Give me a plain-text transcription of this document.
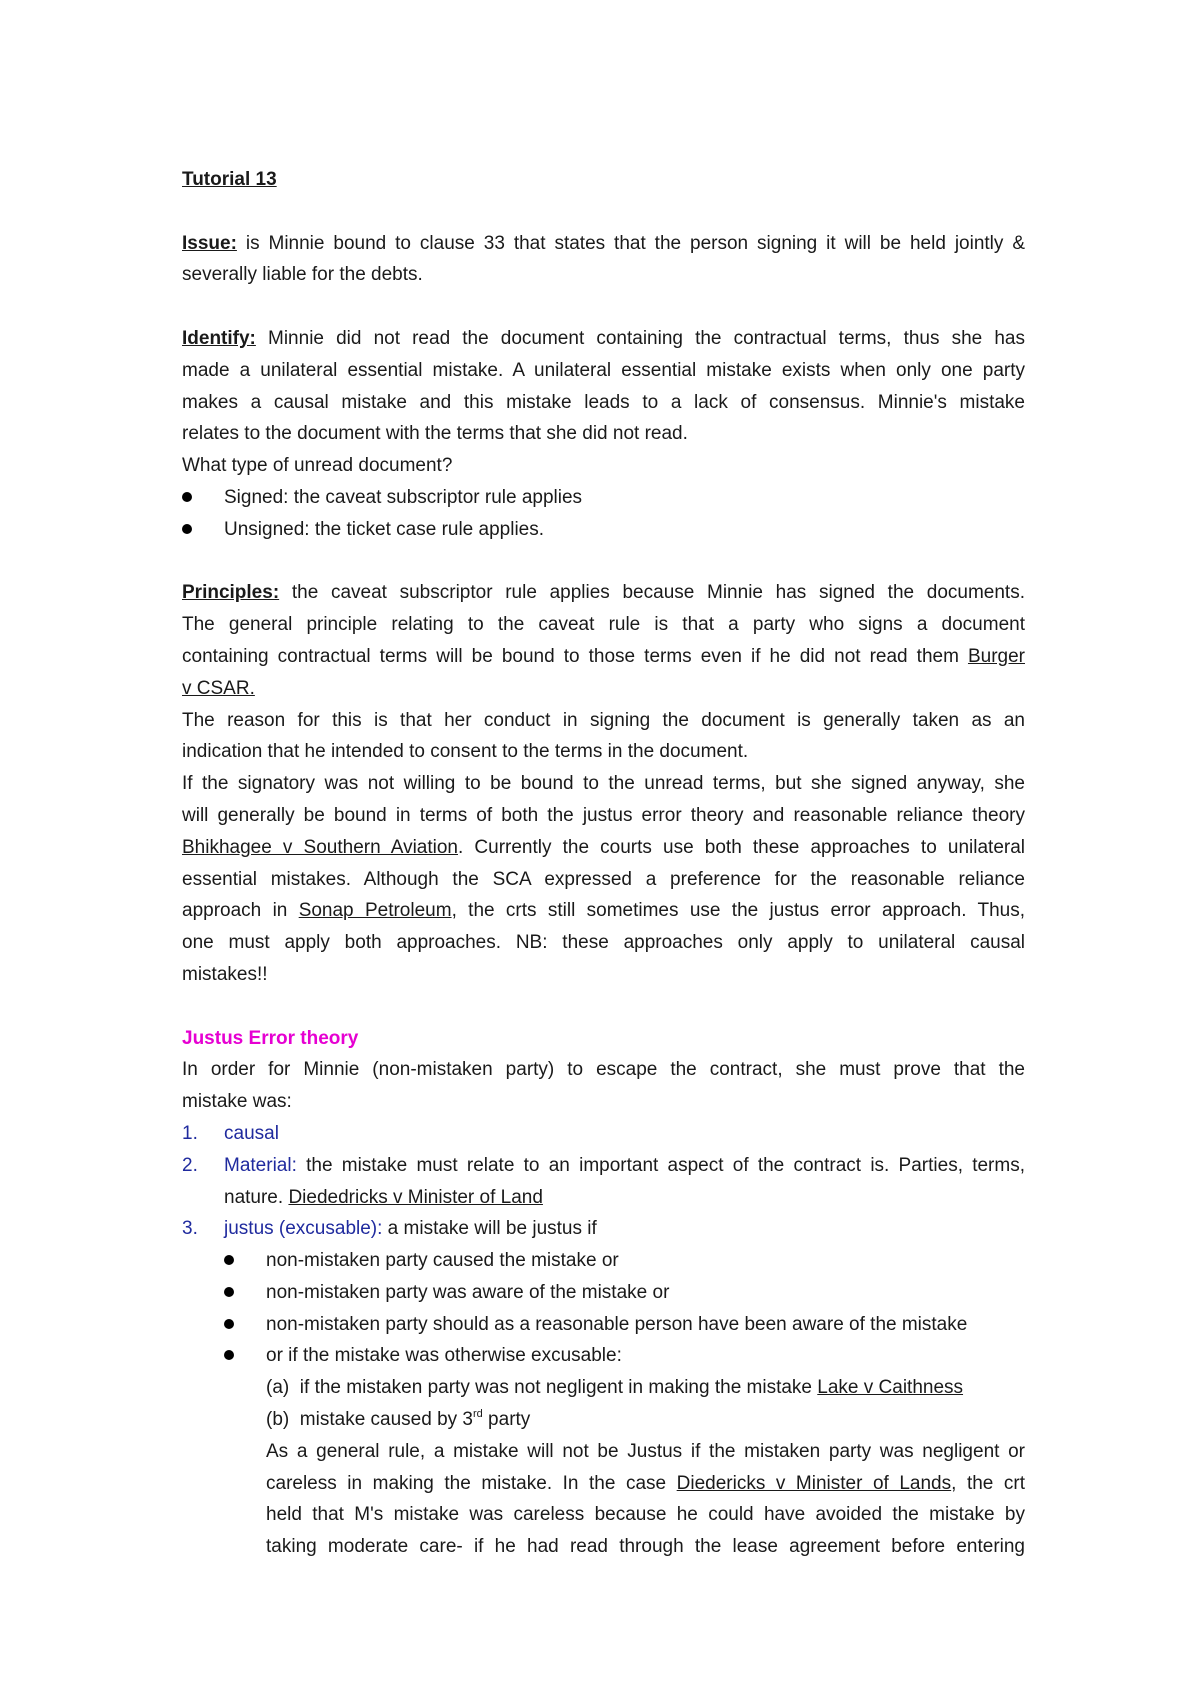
Tutorial 13
Issue: is Minnie bound to clause 33 that states that the person signing it will be held jointly &
severally liable for the debts.
Identify: Minnie did not read the document containing the contractual terms, thus she has
made a unilateral essential mistake. A unilateral essential mistake exists when only one party
makes a causal mistake and this mistake leads to a lack of consensus. Minnie's mistake
relates to the document with the terms that she did not read.
What type of unread document?
Signed: the caveat subscriptor rule applies
Unsigned: the ticket case rule applies.
Principles: the caveat subscriptor rule applies because Minnie has signed the documents.
The general principle relating to the caveat rule is that a party who signs a document
containing contractual terms will be bound to those terms even if he did not read them Burger
v CSAR.
The reason for this is that her conduct in signing the document is generally taken as an
indication that he intended to consent to the terms in the document.
If the signatory was not willing to be bound to the unread terms, but she signed anyway, she
will generally be bound in terms of both the justus error theory and reasonable reliance theory
Bhikhagee v Southern Aviation. Currently the courts use both these approaches to unilateral
essential mistakes. Although the SCA expressed a preference for the reasonable reliance
approach in Sonap Petroleum, the crts still sometimes use the justus error approach. Thus,
one must apply both approaches. NB: these approaches only apply to unilateral causal
mistakes!!
Justus Error theory
In order for Minnie (non-mistaken party) to escape the contract, she must prove that the
mistake was:
1. causal
2. Material: the mistake must relate to an important aspect of the contract is. Parties, terms,
nature. Diededricks v Minister of Land
3. justus (excusable): a mistake will be justus if
non-mistaken party caused the mistake or
non-mistaken party was aware of the mistake or
non-mistaken party should as a reasonable person have been aware of the mistake
or if the mistake was otherwise excusable:
(a) if the mistaken party was not negligent in making the mistake Lake v Caithness
(b) mistake caused by 3rd party
As a general rule, a mistake will not be Justus if the mistaken party was negligent or
careless in making the mistake. In the case Diedericks v Minister of Lands, the crt
held that M's mistake was careless because he could have avoided the mistake by
taking moderate care- if he had read through the lease agreement before entering
